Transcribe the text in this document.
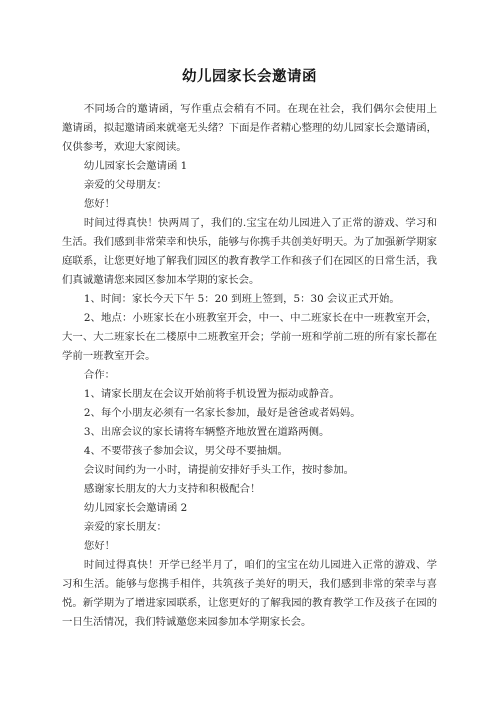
幼儿园家长会邀请函

不同场合的邀请函，写作重点会稍有不同。在现在社会，我们偶尔会使用上邀请函，拟起邀请函来就毫无头绪？下面是作者精心整理的幼儿园家长会邀请函，仅供参考，欢迎大家阅读。

幼儿园家长会邀请函 1

亲爱的父母朋友：

您好！

时间过得真快！快两周了，我们的.宝宝在幼儿园进入了正常的游戏、学习和生活。我们感到非常荣幸和快乐，能够与你携手共创美好明天。为了加强新学期家庭联系，让您更好地了解我们园区的教育教学工作和孩子们在园区的日常生活，我们真诚邀请您来园区参加本学期的家长会。

1、时间：家长今天下午 5：20 到班上签到，5：30 会议正式开始。

2、地点：小班家长在小班教室开会，中一、中二班家长在中一班教室开会，大一、大二班家长在二楼原中二班教室开会；学前一班和学前二班的所有家长都在学前一班教室开会。

合作：

1、请家长朋友在会议开始前将手机设置为振动或静音。

2、每个小朋友必须有一名家长参加，最好是爸爸或者妈妈。

3、出席会议的家长请将车辆整齐地放置在道路两侧。

4、不要带孩子参加会议，男父母不要抽烟。

会议时间约为一小时，请提前安排好手头工作，按时参加。

感谢家长朋友的大力支持和积极配合！

幼儿园家长会邀请函 2

亲爱的家长朋友：

您好！

时间过得真快！开学已经半月了，咱们的宝宝在幼儿园进入正常的游戏、学习和生活。能够与您携手相伴，共筑孩子美好的明天，我们感到非常的荣幸与喜悦。新学期为了增进家园联系，让您更好的了解我园的教育教学工作及孩子在园的一日生活情况，我们特诚邀您来园参加本学期家长会。
